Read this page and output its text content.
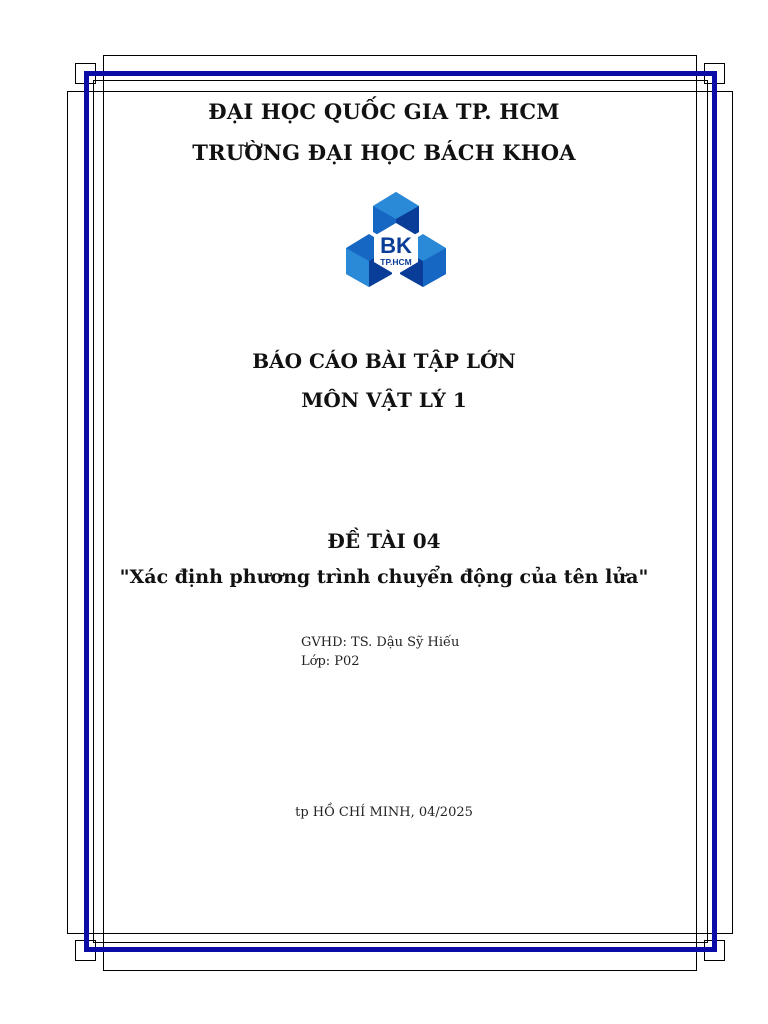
ĐẠI HỌC QUỐC GIA TP. HCM
TRƯỜNG ĐẠI HỌC BÁCH KHOA
BK
TP.HCM
BÁO CÁO BÀI TẬP LỚN
MÔN VẬT LÝ 1
ĐỀ TÀI 04
"Xác định phương trình chuyển động của tên lửa"
GVHD: TS. Dậu Sỹ Hiếu
Lớp: P02
tp HỒ CHÍ MINH, 04/2025
